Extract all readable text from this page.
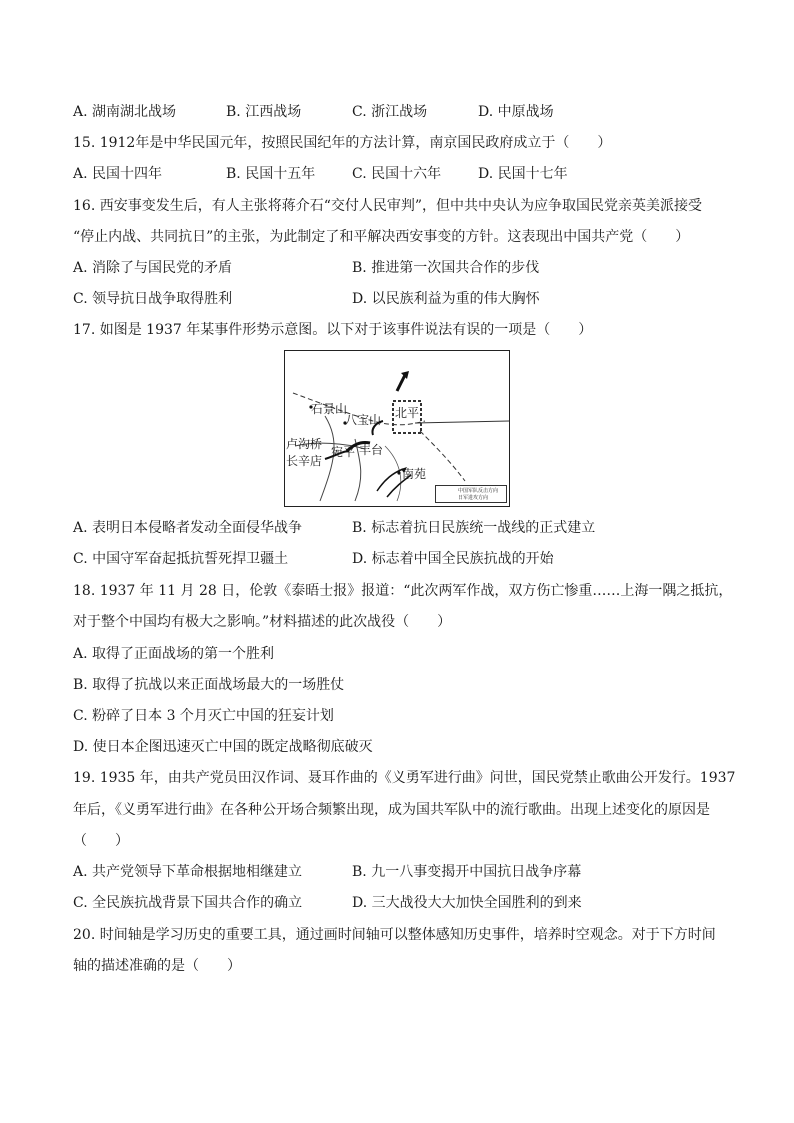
A. 湖南湖北战场	B. 江西战场	C. 浙江战场	D. 中原战场
15. 1912年是中华民国元年，按照民国纪年的方法计算，南京国民政府成立于（　　）
A. 民国十四年	B. 民国十五年	C. 民国十六年	D. 民国十七年
16. 西安事变发生后，有人主张将蒋介石“交付人民审判”，但中共中央认为应争取国民党亲英美派接受
“停止内战、共同抗日”的主张，为此制定了和平解决西安事变的方针。这表现出中国共产党（　　）
A. 消除了与国民党的矛盾	B. 推进第一次国共合作的步伐
C. 领导抗日战争取得胜利	D. 以民族利益为重的伟大胸怀
17. 如图是 1937 年某事件形势示意图。以下对于该事件说法有误的一项是（　　）
石景山
八宝山 北平
卢沟桥
长辛店
宛平 丰台
南苑
中国军队反击方向
日军进攻方向
A. 表明日本侵略者发动全面侵华战争	B. 标志着抗日民族统一战线的正式建立
C. 中国守军奋起抵抗誓死捍卫疆土	D. 标志着中国全民族抗战的开始
18. 1937 年 11 月 28 日，伦敦《泰晤士报》报道：“此次两军作战，双方伤亡惨重……上海一隅之抵抗，
对于整个中国均有极大之影响。”材料描述的此次战役（　　）
A. 取得了正面战场的第一个胜利
B. 取得了抗战以来正面战场最大的一场胜仗
C. 粉碎了日本 3 个月灭亡中国的狂妄计划
D. 使日本企图迅速灭亡中国的既定战略彻底破灭
19. 1935 年，由共产党员田汉作词、聂耳作曲的《义勇军进行曲》问世，国民党禁止歌曲公开发行。1937
年后，《义勇军进行曲》在各种公开场合频繁出现，成为国共军队中的流行歌曲。出现上述变化的原因是
（　　）
A. 共产党领导下革命根据地相继建立	B. 九一八事变揭开中国抗日战争序幕
C. 全民族抗战背景下国共合作的确立	D. 三大战役大大加快全国胜利的到来
20. 时间轴是学习历史的重要工具，通过画时间轴可以整体感知历史事件，培养时空观念。对于下方时间
轴的描述准确的是（　　）
